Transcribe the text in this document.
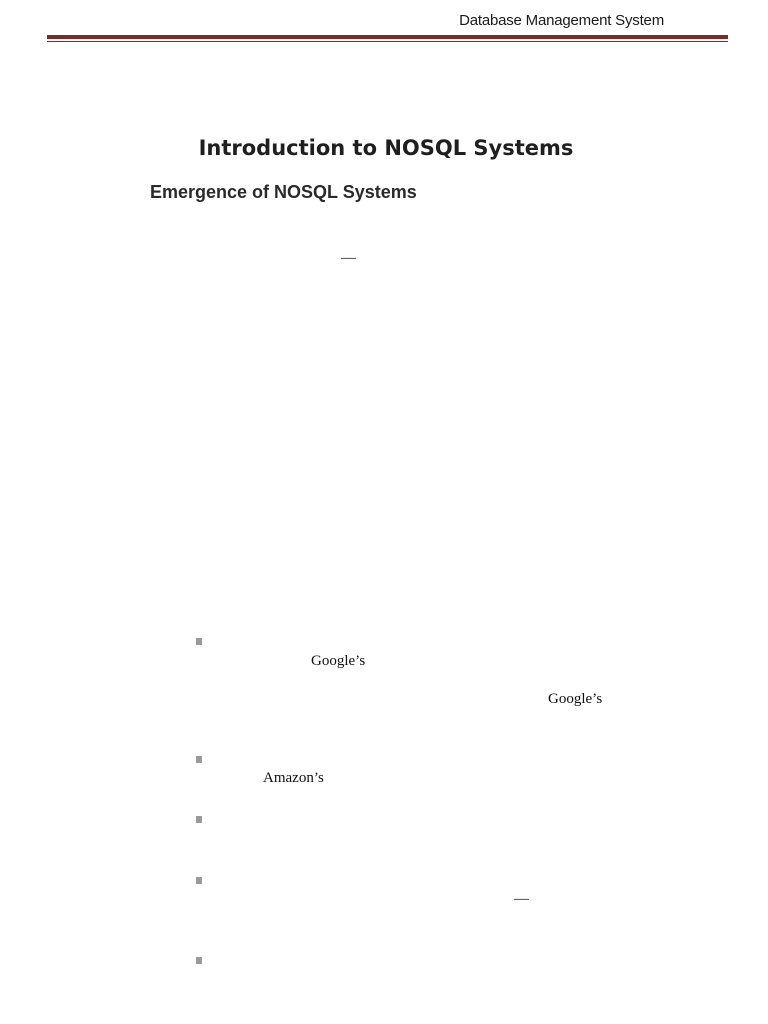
Database Management System
Introduction to NOSQL Systems
Emergence of NOSQL Systems
—
Google’s
Google’s
Amazon’s
—
